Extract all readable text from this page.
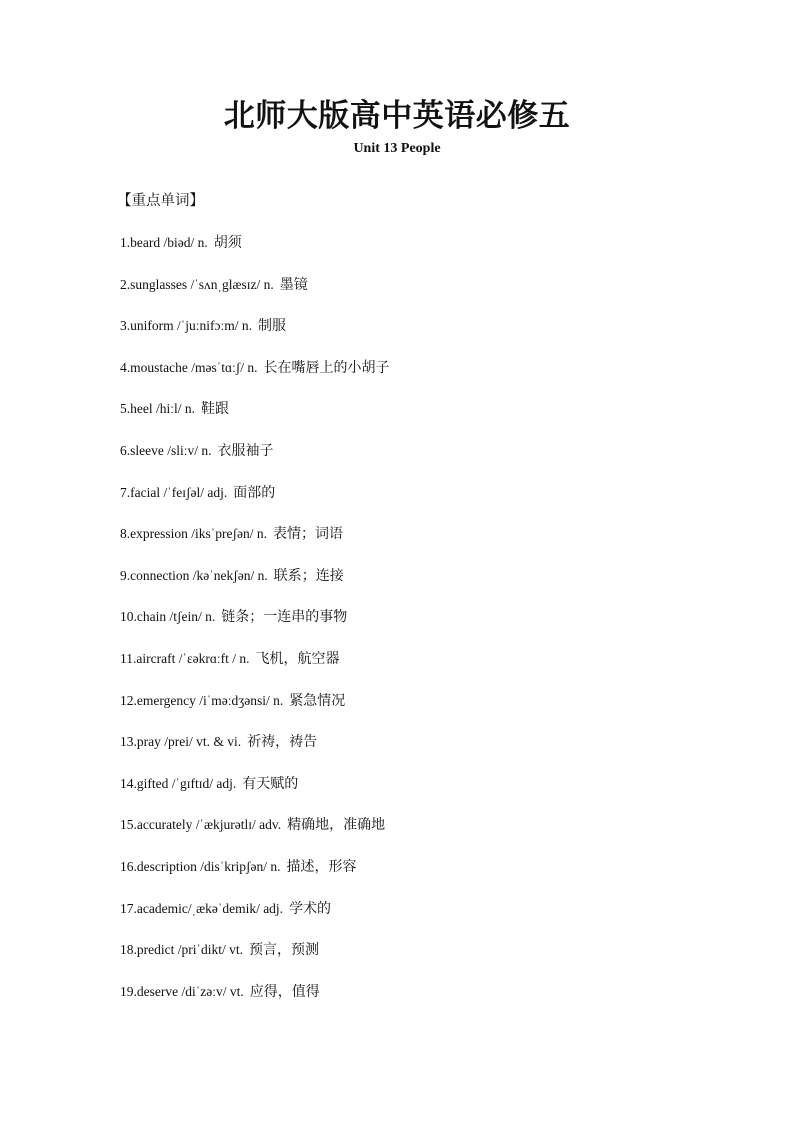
北师大版高中英语必修五
Unit 13 People
【重点单词】
1.beard /biəd/ n. 胡须
2.sunglasses /ˈsʌnˌglæsɪz/ n. 墨镜
3.uniform /ˈjuːnifɔːm/ n. 制服
4.moustache /məsˈtɑːʃ/ n. 长在嘴唇上的小胡子
5.heel /hiːl/ n. 鞋跟
6.sleeve /sliːv/ n. 衣服袖子
7.facial /ˈfeɪʃəl/ adj. 面部的
8.expression /iksˈpreʃən/ n. 表情；词语
9.connection /kəˈnekʃən/ n. 联系；连接
10.chain /tʃein/ n. 链条；一连串的事物
11.aircraft /ˈɛəkrɑːft / n. 飞机，航空器
12.emergency /iˈməːdʒənsi/ n. 紧急情况
13.pray /prei/ vt. & vi. 祈祷，祷告
14.gifted /ˈgɪftɪd/ adj. 有天赋的
15.accurately /ˈækjurətlɪ/ adv. 精确地，准确地
16.description /disˈkripʃən/ n. 描述，形容
17.academic/ˌækəˈdemik/ adj. 学术的
18.predict /priˈdikt/ vt. 预言，预测
19.deserve /diˈzəːv/ vt. 应得，值得
